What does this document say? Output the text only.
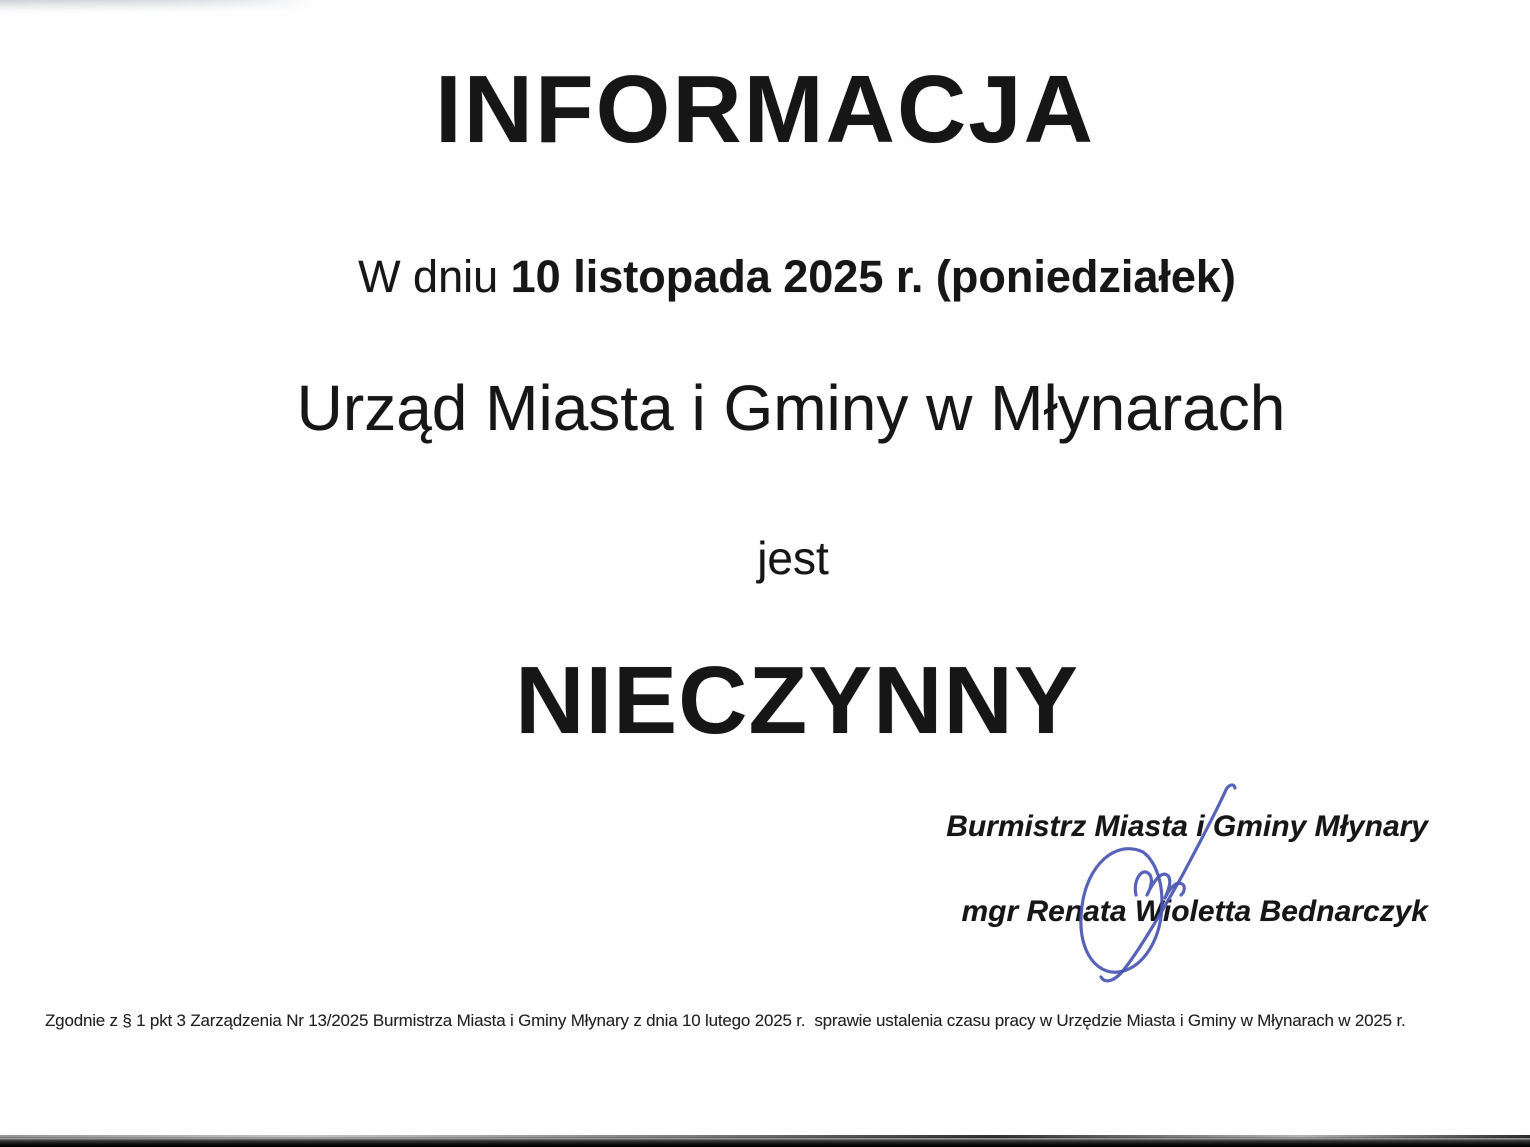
INFORMACJA

W dniu 10 listopada 2025 r. (poniedziałek)

Urząd Miasta i Gminy w Młynarach

jest

NIECZYNNY

Burmistrz Miasta i Gminy Młynary

mgr Renata Wioletta Bednarczyk

Zgodnie z § 1 pkt 3 Zarządzenia Nr 13/2025 Burmistrza Miasta i Gminy Młynary z dnia 10 lutego 2025 r.  sprawie ustalenia czasu pracy w Urzędzie Miasta i Gminy w Młynarach w 2025 r.
